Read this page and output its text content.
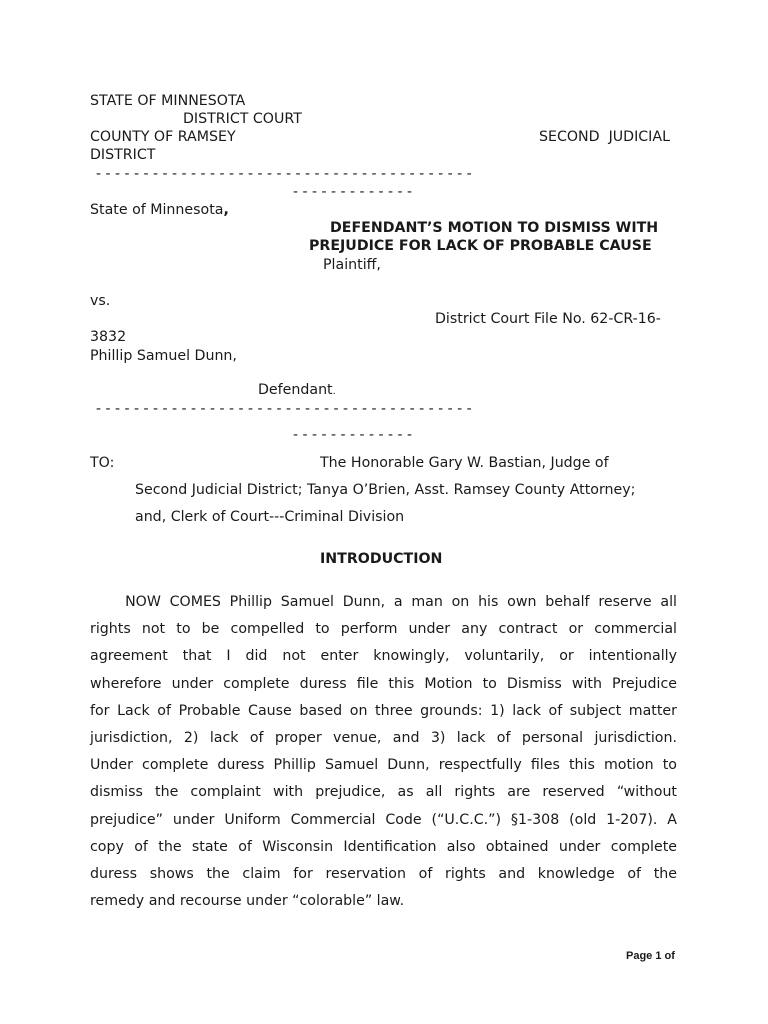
STATE OF MINNESOTA
DISTRICT COURT
COUNTY OF RAMSEY	SECOND  JUDICIAL
DISTRICT
- - - - - - - - - - - - - - - - - - - - - - - - - - - - - - - - - - - - - - - -
- - - - - - - - - - - - -
State of Minnesota,
DEFENDANT’S MOTION TO DISMISS WITH
PREJUDICE FOR LACK OF PROBABLE CAUSE
Plaintiff,
vs.
District Court File No. 62-CR-16-
3832
Phillip Samuel Dunn,
Defendant.
- - - - - - - - - - - - - - - - - - - - - - - - - - - - - - - - - - - - - - - -
- - - - - - - - - - - - -
TO:	The Honorable Gary W. Bastian, Judge of
Second Judicial District; Tanya O’Brien, Asst. Ramsey County Attorney;
and, Clerk of Court---Criminal Division
INTRODUCTION
NOW COMES Phillip Samuel Dunn, a man on his own behalf reserve all
rights not to be compelled to perform under any contract or commercial
agreement that I did not enter knowingly, voluntarily, or intentionally
wherefore under complete duress file this Motion to Dismiss with Prejudice
for Lack of Probable Cause based on three grounds: 1) lack of subject matter
jurisdiction, 2) lack of proper venue, and 3) lack of personal jurisdiction.
Under complete duress Phillip Samuel Dunn, respectfully files this motion to
dismiss the complaint with prejudice, as all rights are reserved “without
prejudice” under Uniform Commercial Code (“U.C.C.”) §1-308 (old 1-207). A
copy of the state of Wisconsin Identification also obtained under complete
duress shows the claim for reservation of rights and knowledge of the
remedy and recourse under “colorable” law.
Page 1 of
